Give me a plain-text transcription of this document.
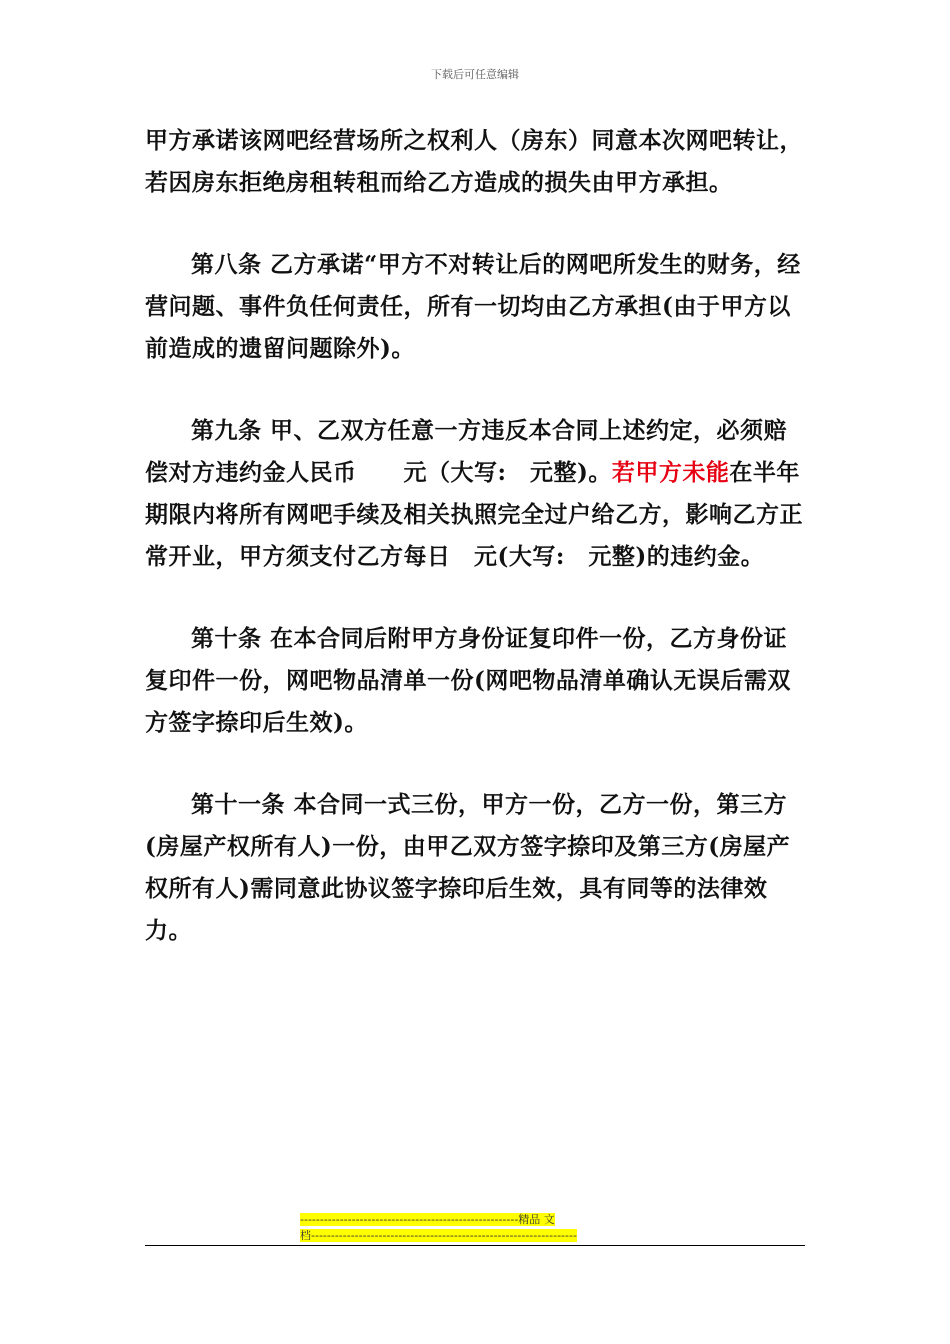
下载后可任意编辑

甲方承诺该网吧经营场所之权利人（房东）同意本次网吧转让，若因房东拒绝房租转租而给乙方造成的损失由甲方承担。

第八条 乙方承诺“甲方不对转让后的网吧所发生的财务，经营问题、事件负任何责任，所有一切均由乙方承担(由于甲方以前造成的遗留问题除外)。

第九条 甲、乙双方任意一方违反本合同上述约定，必须赔偿对方违约金人民币　　元（大写:　元整)。若甲方未能在半年期限内将所有网吧手续及相关执照完全过户给乙方，影响乙方正常开业，甲方须支付乙方每日　元(大写:　元整)的违约金。

第十条 在本合同后附甲方身份证复印件一份，乙方身份证复印件一份，网吧物品清单一份(网吧物品清单确认无误后需双方签字捺印后生效)。

第十一条 本合同一式三份，甲方一份，乙方一份，第三方(房屋产权所有人)一份，由甲乙双方签字捺印及第三方(房屋产权所有人)需同意此协议签字捺印后生效，具有同等的法律效力。

-------------------------------------------------------精品 文
档-------------------------------------------------------------------
